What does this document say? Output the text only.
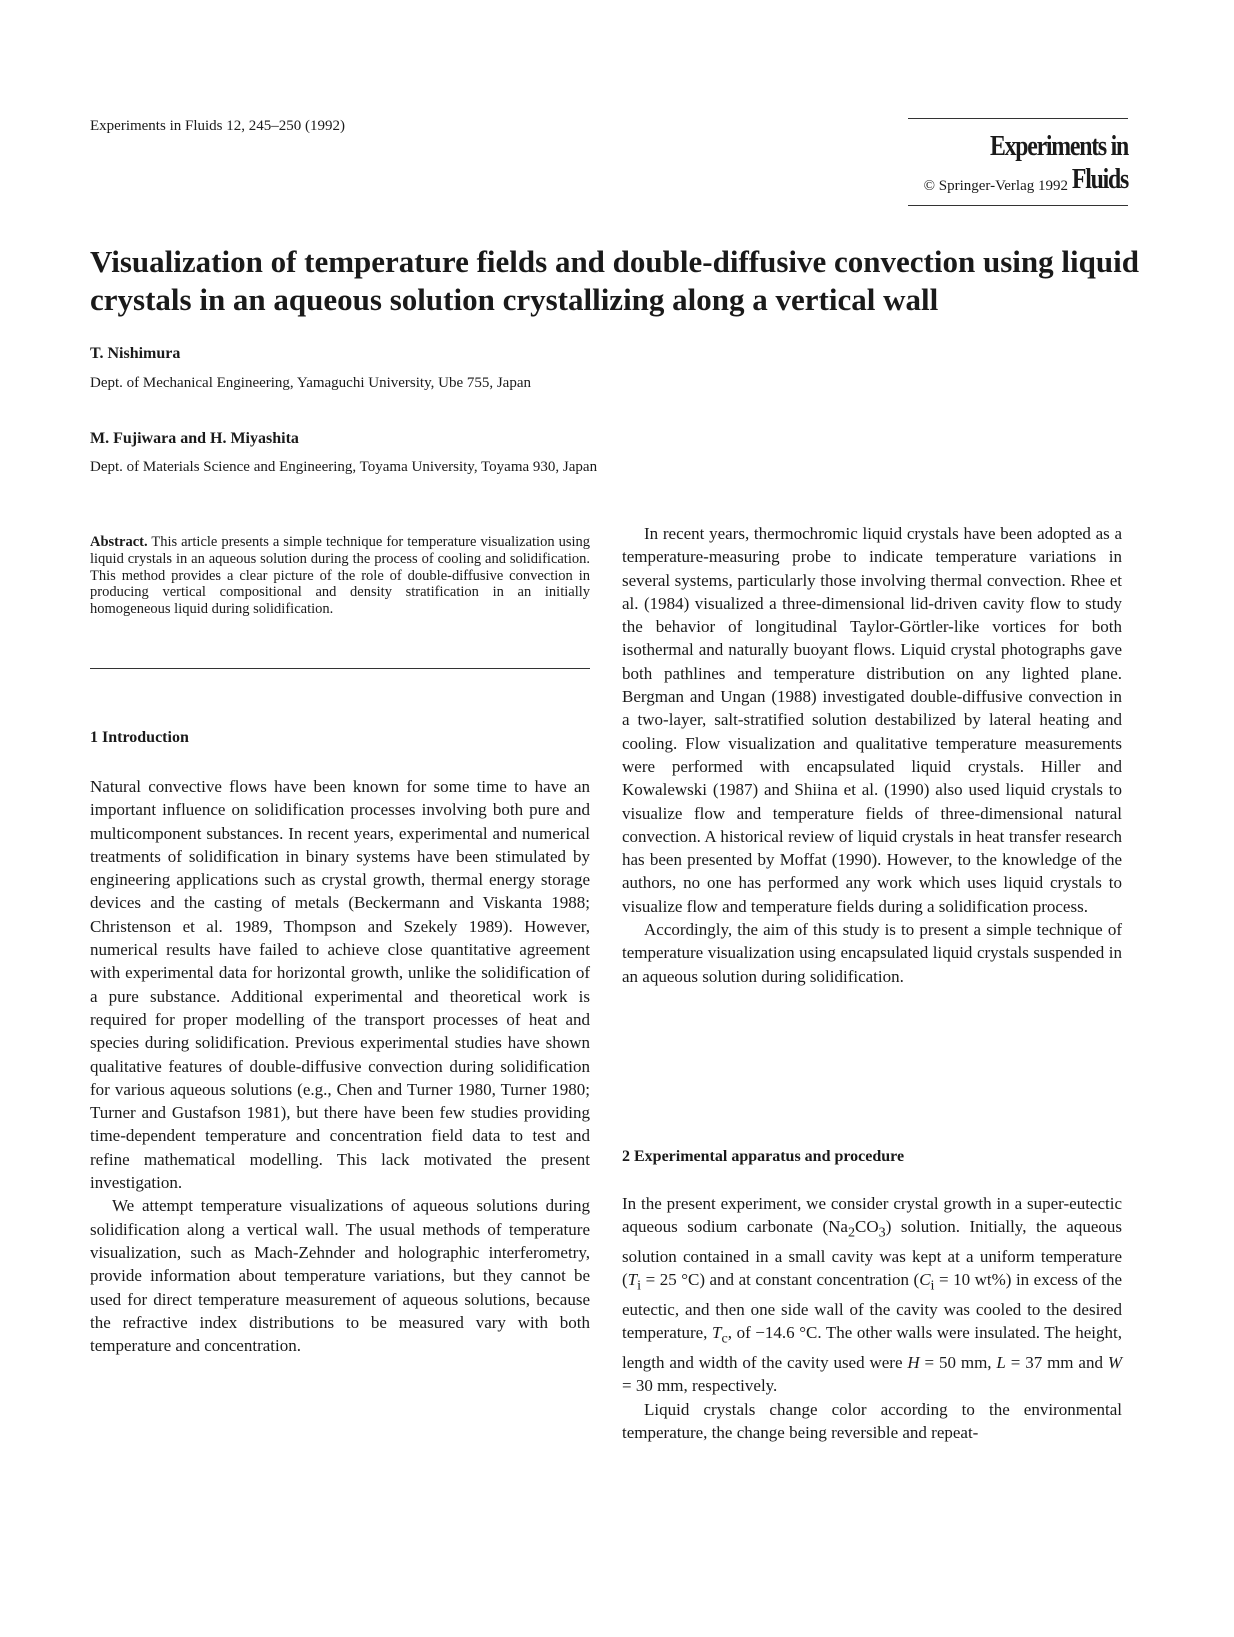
Experiments in Fluids 12, 245–250 (1992)
Experiments in Fluids
© Springer-Verlag 1992
Visualization of temperature fields and double-diffusive convection using liquid crystals in an aqueous solution crystallizing along a vertical wall
T. Nishimura
Dept. of Mechanical Engineering, Yamaguchi University, Ube 755, Japan
M. Fujiwara and H. Miyashita
Dept. of Materials Science and Engineering, Toyama University, Toyama 930, Japan
Abstract. This article presents a simple technique for temperature visualization using liquid crystals in an aqueous solution during the process of cooling and solidification. This method provides a clear picture of the role of double-diffusive convection in producing vertical compositional and density stratification in an initially homogeneous liquid during solidification.
1 Introduction

Natural convective flows have been known for some time to have an important influence on solidification processes involving both pure and multicomponent substances. In recent years, experimental and numerical treatments of solidification in binary systems have been stimulated by engineering applications such as crystal growth, thermal energy storage devices and the casting of metals (Beckermann and Viskanta 1988; Christenson et al. 1989, Thompson and Szekely 1989). However, numerical results have failed to achieve close quantitative agreement with experimental data for horizontal growth, unlike the solidification of a pure substance. Additional experimental and theoretical work is required for proper modelling of the transport processes of heat and species during solidification. Previous experimental studies have shown qualitative features of double-diffusive convection during solidification for various aqueous solutions (e.g., Chen and Turner 1980, Turner 1980; Turner and Gustafson 1981), but there have been few studies providing time-dependent temperature and concentration field data to test and refine mathematical modelling. This lack motivated the present investigation.

We attempt temperature visualizations of aqueous solutions during solidification along a vertical wall. The usual methods of temperature visualization, such as Mach-Zehnder and holographic interferometry, provide information about temperature variations, but they cannot be used for direct temperature measurement of aqueous solutions, because the refractive index distributions to be measured vary with both temperature and concentration.

In recent years, thermochromic liquid crystals have been adopted as a temperature-measuring probe to indicate temperature variations in several systems, particularly those involving thermal convection. Rhee et al. (1984) visualized a three-dimensional lid-driven cavity flow to study the behavior of longitudinal Taylor-Görtler-like vortices for both isothermal and naturally buoyant flows. Liquid crystal photographs gave both pathlines and temperature distribution on any lighted plane. Bergman and Ungan (1988) investigated double-diffusive convection in a two-layer, salt-stratified solution destabilized by lateral heating and cooling. Flow visualization and qualitative temperature measurements were performed with encapsulated liquid crystals. Hiller and Kowalewski (1987) and Shiina et al. (1990) also used liquid crystals to visualize flow and temperature fields of three-dimensional natural convection. A historical review of liquid crystals in heat transfer research has been presented by Moffat (1990). However, to the knowledge of the authors, no one has performed any work which uses liquid crystals to visualize flow and temperature fields during a solidification process.

Accordingly, the aim of this study is to present a simple technique of temperature visualization using encapsulated liquid crystals suspended in an aqueous solution during solidification.

2 Experimental apparatus and procedure

In the present experiment, we consider crystal growth in a super-eutectic aqueous sodium carbonate $(Na_2CO_3)$ solution. Initially, the aqueous solution contained in a small cavity was kept at a uniform temperature ($T_i = 25$ °C) and at constant concentration ($C_i = 10$ wt%) in excess of the eutectic, and then one side wall of the cavity was cooled to the desired temperature, $T_c$, of −14.6 °C. The other walls were insulated. The height, length and width of the cavity used were H = 50 mm, L = 37 mm and W = 30 mm, respectively.

Liquid crystals change color according to the environmental temperature, the change being reversible and repeat-
